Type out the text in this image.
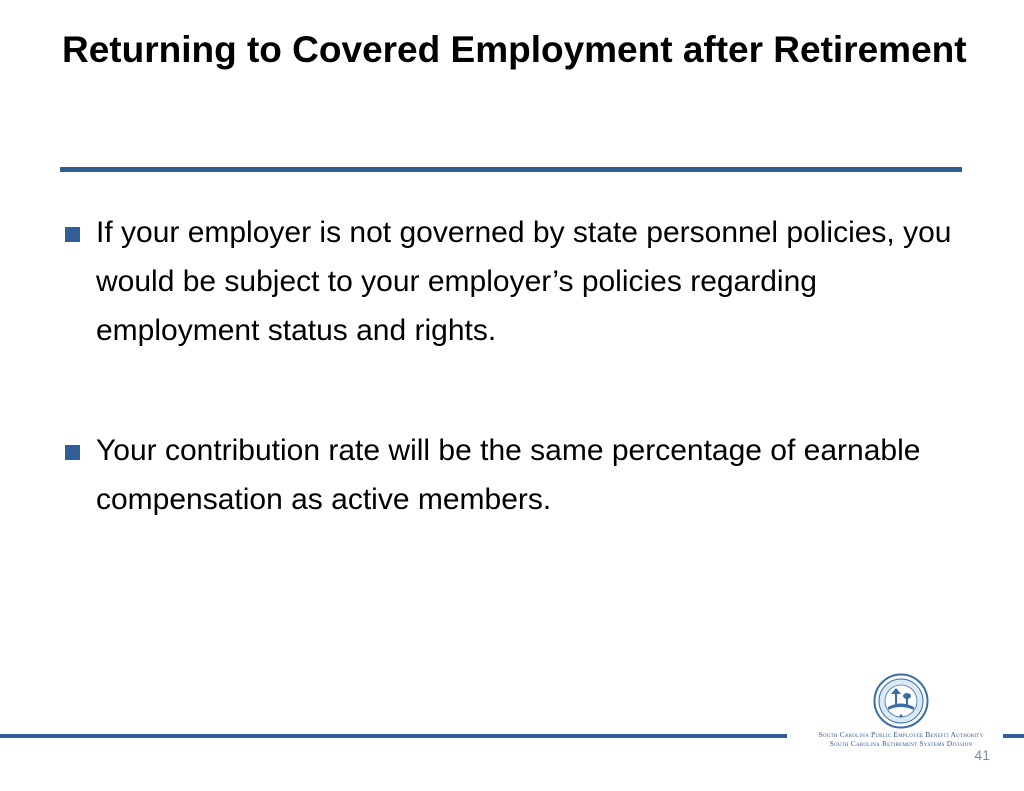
Returning to Covered Employment after Retirement
If your employer is not governed by state personnel policies, you would be subject to your employer’s policies regarding employment status and rights.
Your contribution rate will be the same percentage of earnable compensation as active members.
South Carolina Public Employee Benefit Authority
South Carolina Retirement Systems Division
41
